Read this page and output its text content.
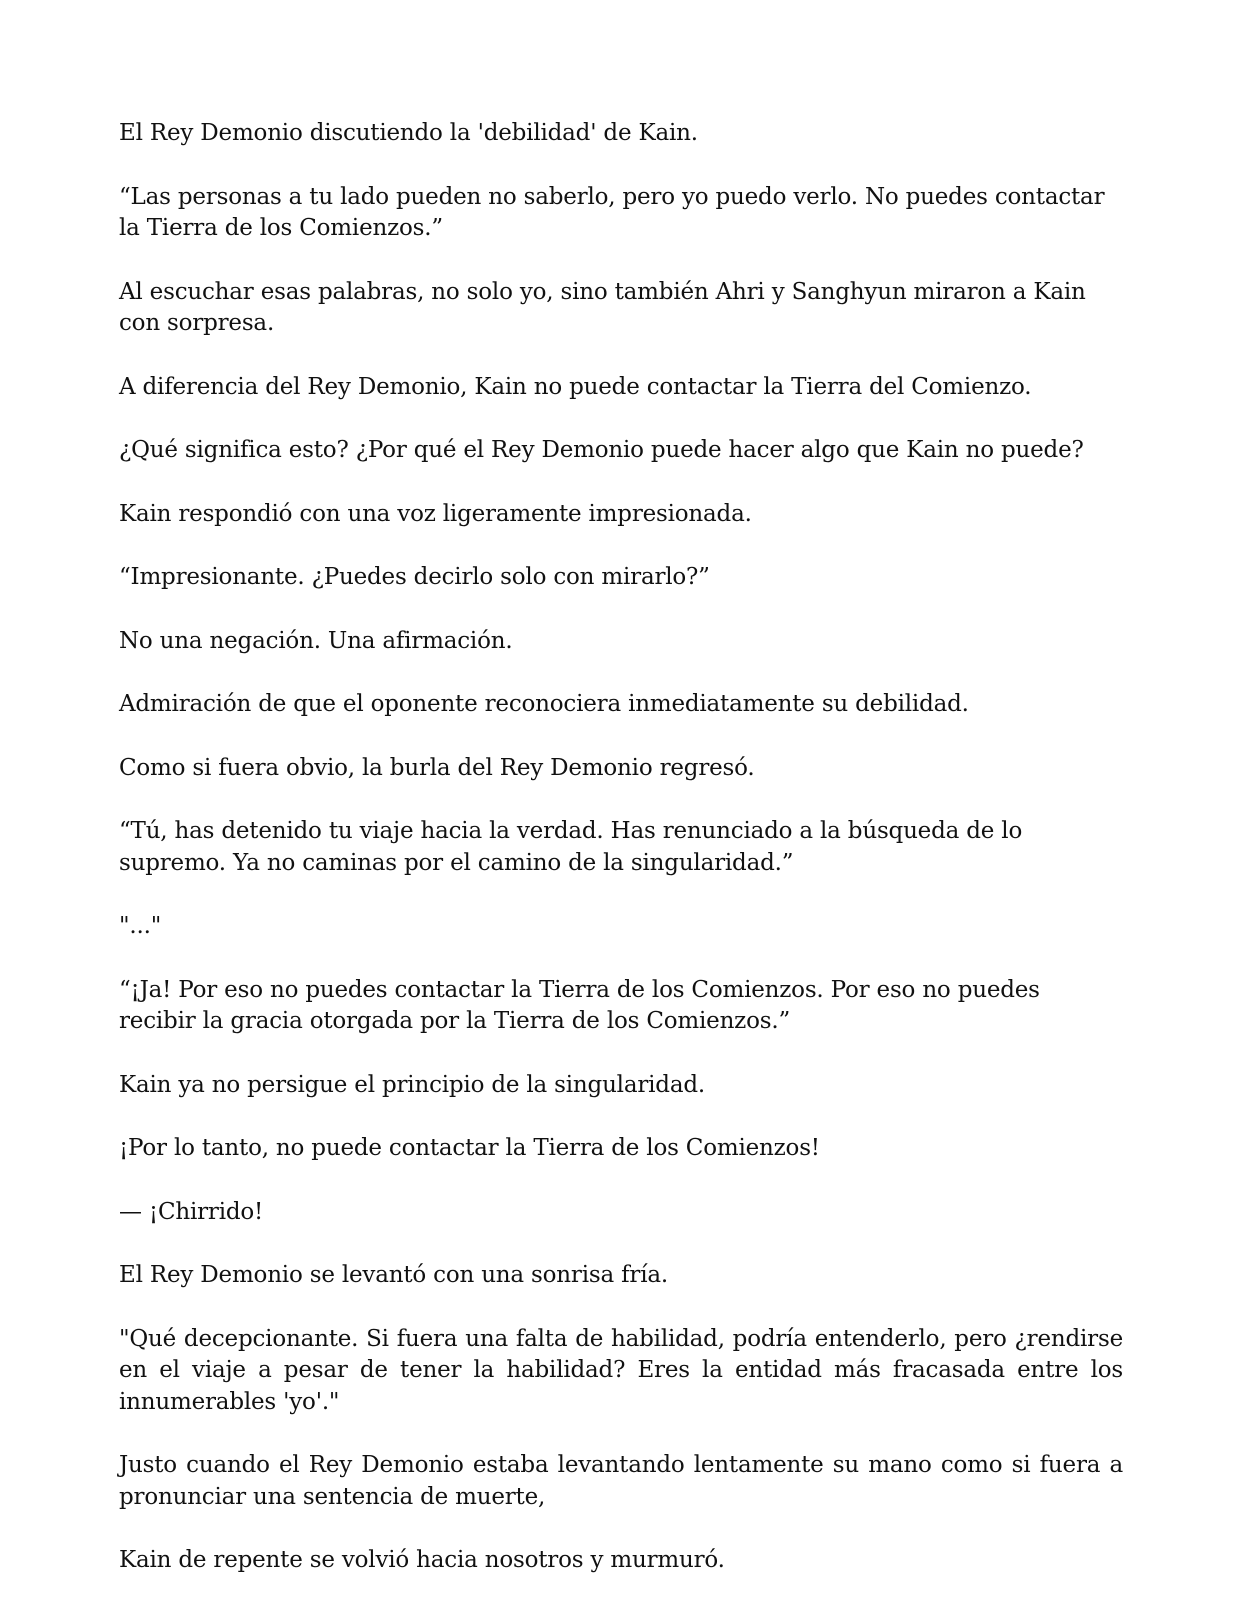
El Rey Demonio discutiendo la 'debilidad' de Kain.

“Las personas a tu lado pueden no saberlo, pero yo puedo verlo. No puedes contactar la Tierra de los Comienzos.”

Al escuchar esas palabras, no solo yo, sino también Ahri y Sanghyun miraron a Kain con sorpresa.

A diferencia del Rey Demonio, Kain no puede contactar la Tierra del Comienzo.

¿Qué significa esto? ¿Por qué el Rey Demonio puede hacer algo que Kain no puede?

Kain respondió con una voz ligeramente impresionada.

“Impresionante. ¿Puedes decirlo solo con mirarlo?”

No una negación. Una afirmación.

Admiración de que el oponente reconociera inmediatamente su debilidad.

Como si fuera obvio, la burla del Rey Demonio regresó.

“Tú, has detenido tu viaje hacia la verdad. Has renunciado a la búsqueda de lo supremo. Ya no caminas por el camino de la singularidad.”

"..."

“¡Ja! Por eso no puedes contactar la Tierra de los Comienzos. Por eso no puedes recibir la gracia otorgada por la Tierra de los Comienzos.”

Kain ya no persigue el principio de la singularidad.

¡Por lo tanto, no puede contactar la Tierra de los Comienzos!

— ¡Chirrido!

El Rey Demonio se levantó con una sonrisa fría.

"Qué decepcionante. Si fuera una falta de habilidad, podría entenderlo, pero ¿rendirse en el viaje a pesar de tener la habilidad? Eres la entidad más fracasada entre los innumerables 'yo'."

Justo cuando el Rey Demonio estaba levantando lentamente su mano como si fuera a pronunciar una sentencia de muerte,

Kain de repente se volvió hacia nosotros y murmuró.
